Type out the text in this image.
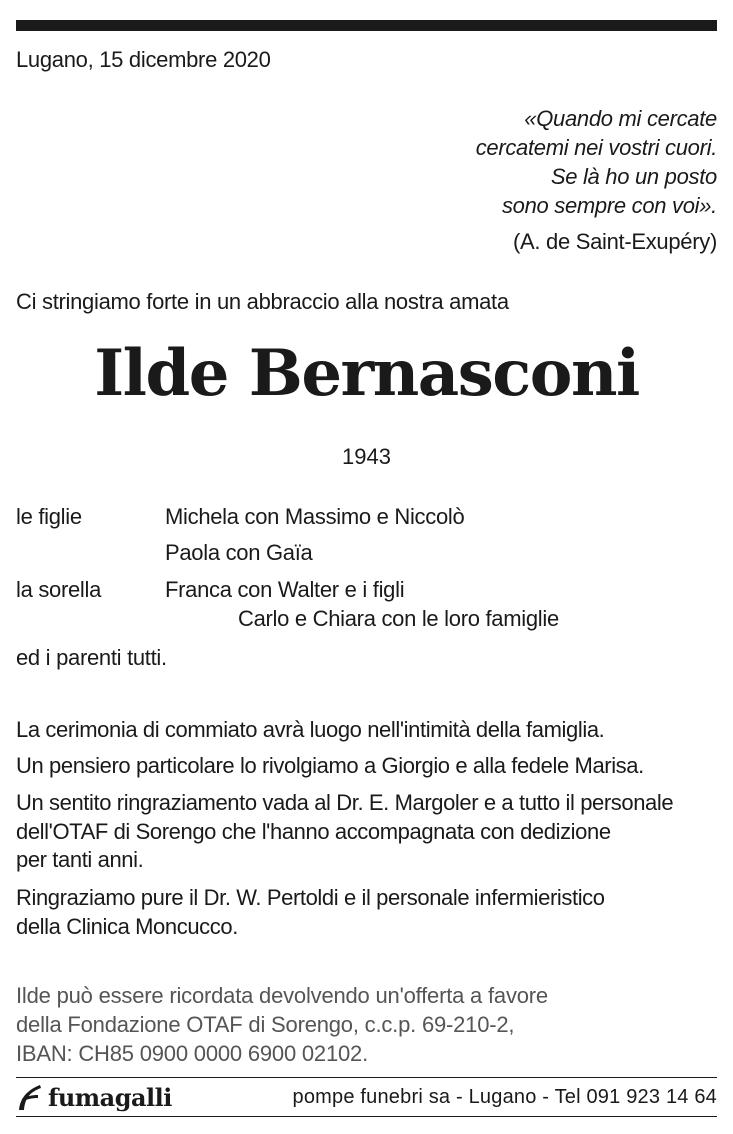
Lugano, 15 dicembre 2020
«Quando mi cercate
cercatemi nei vostri cuori.
Se là ho un posto
sono sempre con voi».
(A. de Saint-Exupéry)
Ci stringiamo forte in un abbraccio alla nostra amata
Ilde Bernasconi
1943
le figlie	Michela con Massimo e Niccolò
Paola con Gaïa
la sorella	Franca con Walter e i figli
Carlo e Chiara con le loro famiglie
ed i parenti tutti.
La cerimonia di commiato avrà luogo nell'intimità della famiglia.
Un pensiero particolare lo rivolgiamo a Giorgio e alla fedele Marisa.
Un sentito ringraziamento vada al Dr. E. Margoler e a tutto il personale
dell'OTAF di Sorengo che l'hanno accompagnata con dedizione
per tanti anni.
Ringraziamo pure il Dr. W. Pertoldi e il personale infermieristico
della Clinica Moncucco.
Ilde può essere ricordata devolvendo un'offerta a favore
della Fondazione OTAF di Sorengo, c.c.p. 69-210-2,
IBAN: CH85 0900 0000 6900 02102.
fumagalli	pompe funebri sa - Lugano - Tel 091 923 14 64
